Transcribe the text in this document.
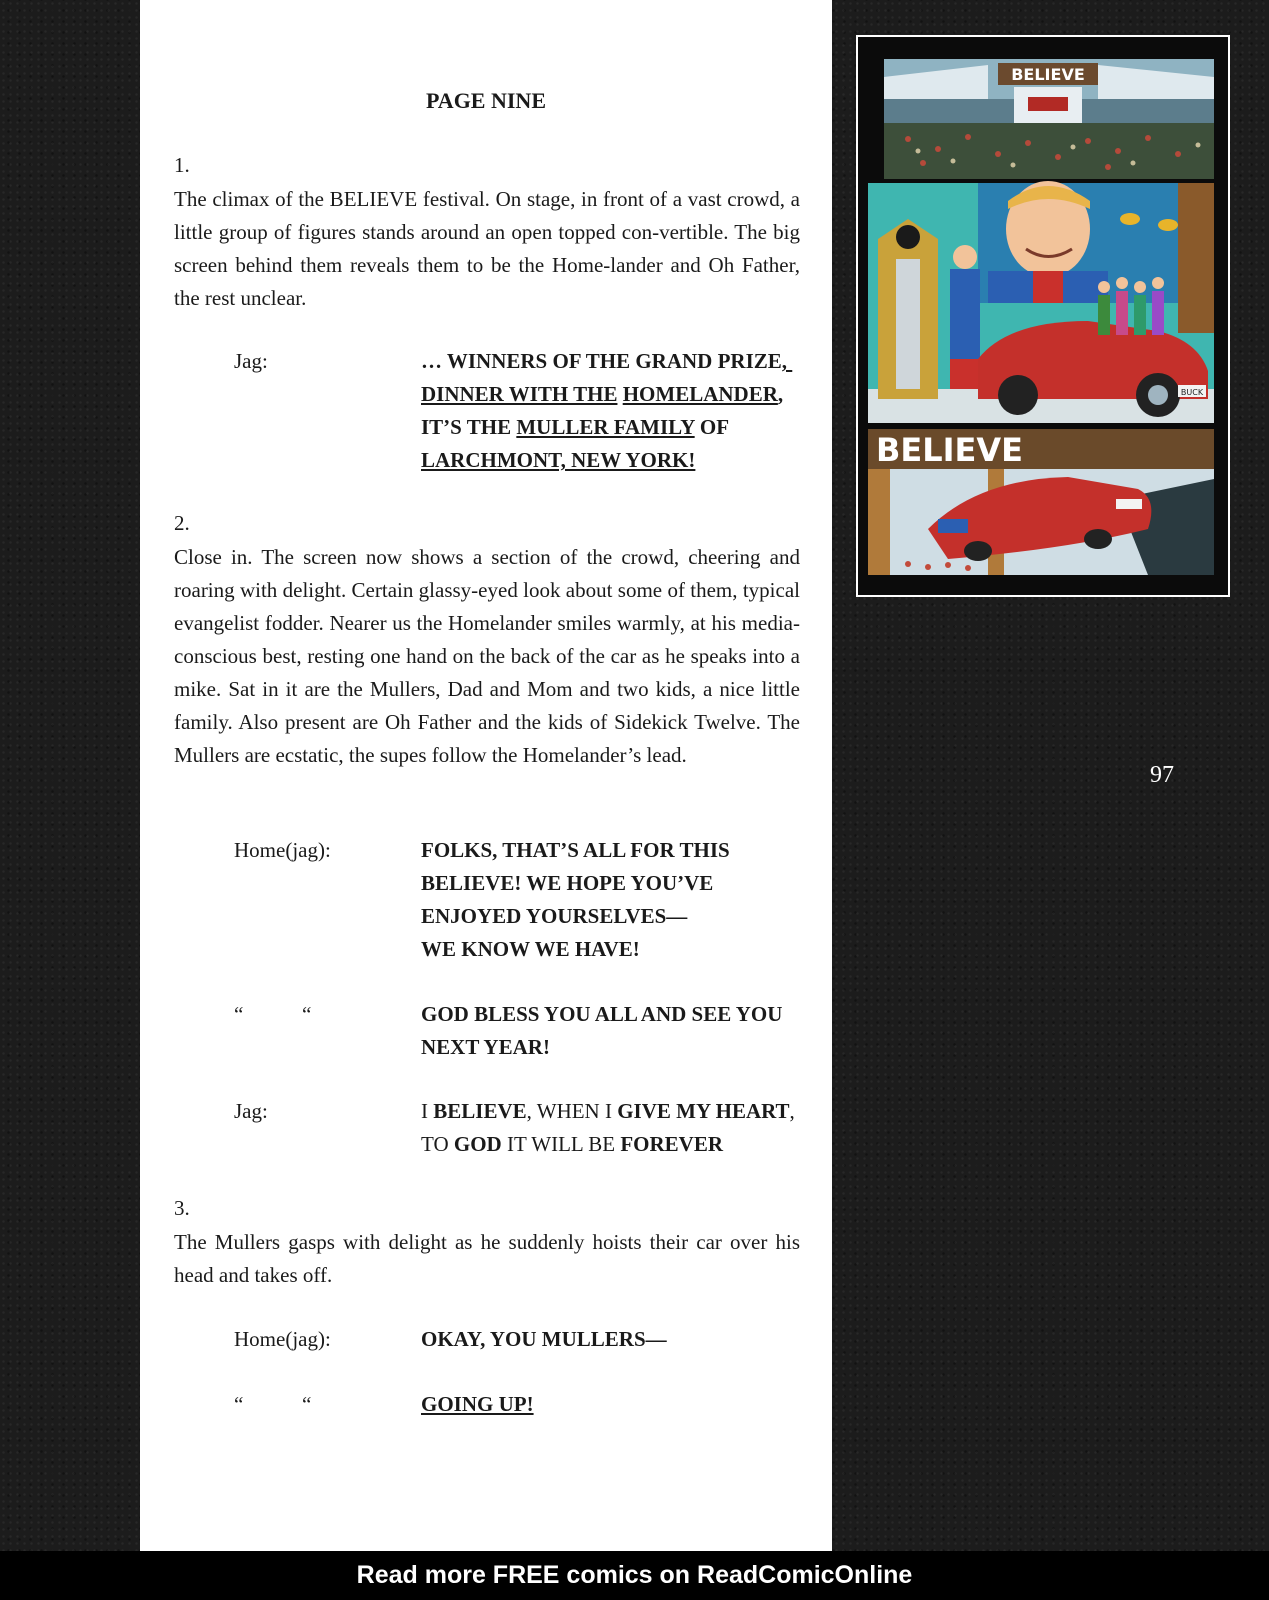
PAGE NINE

1.

The climax of the BELIEVE festival. On stage, in front of a vast crowd, a little group of figures stands around an open topped con-vertible. The big screen behind them reveals them to be the Home-lander and Oh Father, the rest unclear.

Jag:	… WINNERS OF THE GRAND PRIZE,
DINNER WITH THE HOMELANDER,
IT’S THE MULLER FAMILY OF
LARCHMONT, NEW YORK!

2.

Close in. The screen now shows a section of the crowd, cheering and roaring with delight. Certain glassy-eyed look about some of them, typical evangelist fodder. Nearer us the Homelander smiles warmly, at his media-conscious best, resting one hand on the back of the car as he speaks into a mike. Sat in it are the Mullers, Dad and Mom and two kids, a nice little family. Also present are Oh Father and the kids of Sidekick Twelve. The Mullers are ecstatic, the supes follow the Homelander’s lead.

Home(jag):	FOLKS, THAT’S ALL FOR THIS
BELIEVE! WE HOPE YOU’VE
ENJOYED YOURSELVES—
WE KNOW WE HAVE!
“	“	GOD BLESS YOU ALL AND SEE YOU
NEXT YEAR!
Jag:	I BELIEVE, WHEN I GIVE MY HEART,
TO GOD IT WILL BE FOREVER

3.

The Mullers gasps with delight as he suddenly hoists their car over his head and takes off.

Home(jag):	OKAY, YOU MULLERS—
“	“	GOING UP!
BELIEVE
BUCK
BELIEVE
97
Read more FREE comics on ReadComicOnline
